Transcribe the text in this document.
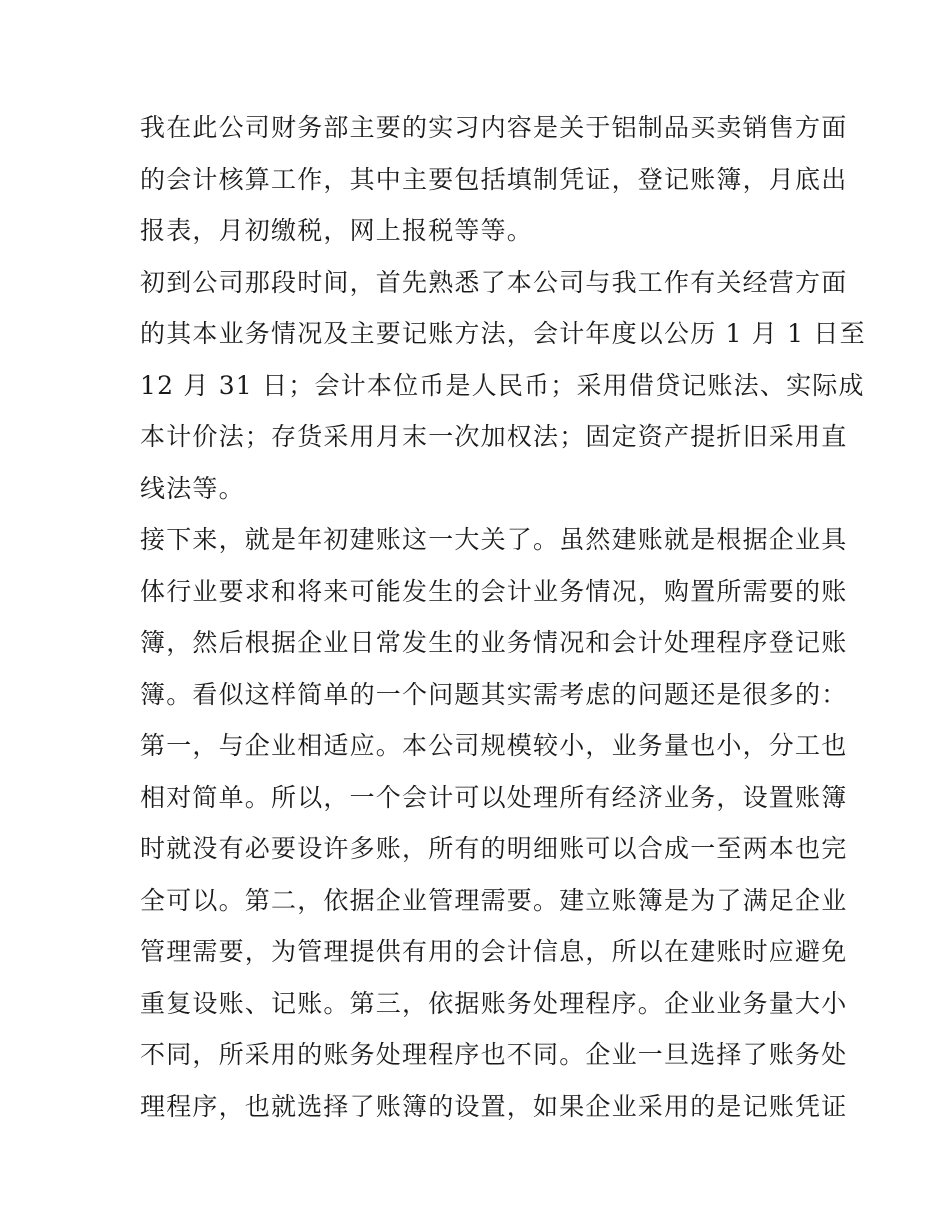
我在此公司财务部主要的实习内容是关于铝制品买卖销售方面
的会计核算工作，其中主要包括填制凭证，登记账簿，月底出
报表，月初缴税，网上报税等等。
初到公司那段时间，首先熟悉了本公司与我工作有关经营方面
的其本业务情况及主要记账方法，会计年度以公历 1 月 1 日至
12 月 31 日；会计本位币是人民币；采用借贷记账法、实际成
本计价法；存货采用月末一次加权法；固定资产提折旧采用直
线法等。
接下来，就是年初建账这一大关了。虽然建账就是根据企业具
体行业要求和将来可能发生的会计业务情况，购置所需要的账
簿，然后根据企业日常发生的业务情况和会计处理程序登记账
簿。看似这样简单的一个问题其实需考虑的问题还是很多的：
第一，与企业相适应。本公司规模较小，业务量也小，分工也
相对简单。所以，一个会计可以处理所有经济业务，设置账簿
时就没有必要设许多账，所有的明细账可以合成一至两本也完
全可以。第二，依据企业管理需要。建立账簿是为了满足企业
管理需要，为管理提供有用的会计信息，所以在建账时应避免
重复设账、记账。第三，依据账务处理程序。企业业务量大小
不同，所采用的账务处理程序也不同。企业一旦选择了账务处
理程序，也就选择了账簿的设置，如果企业采用的是记账凭证
